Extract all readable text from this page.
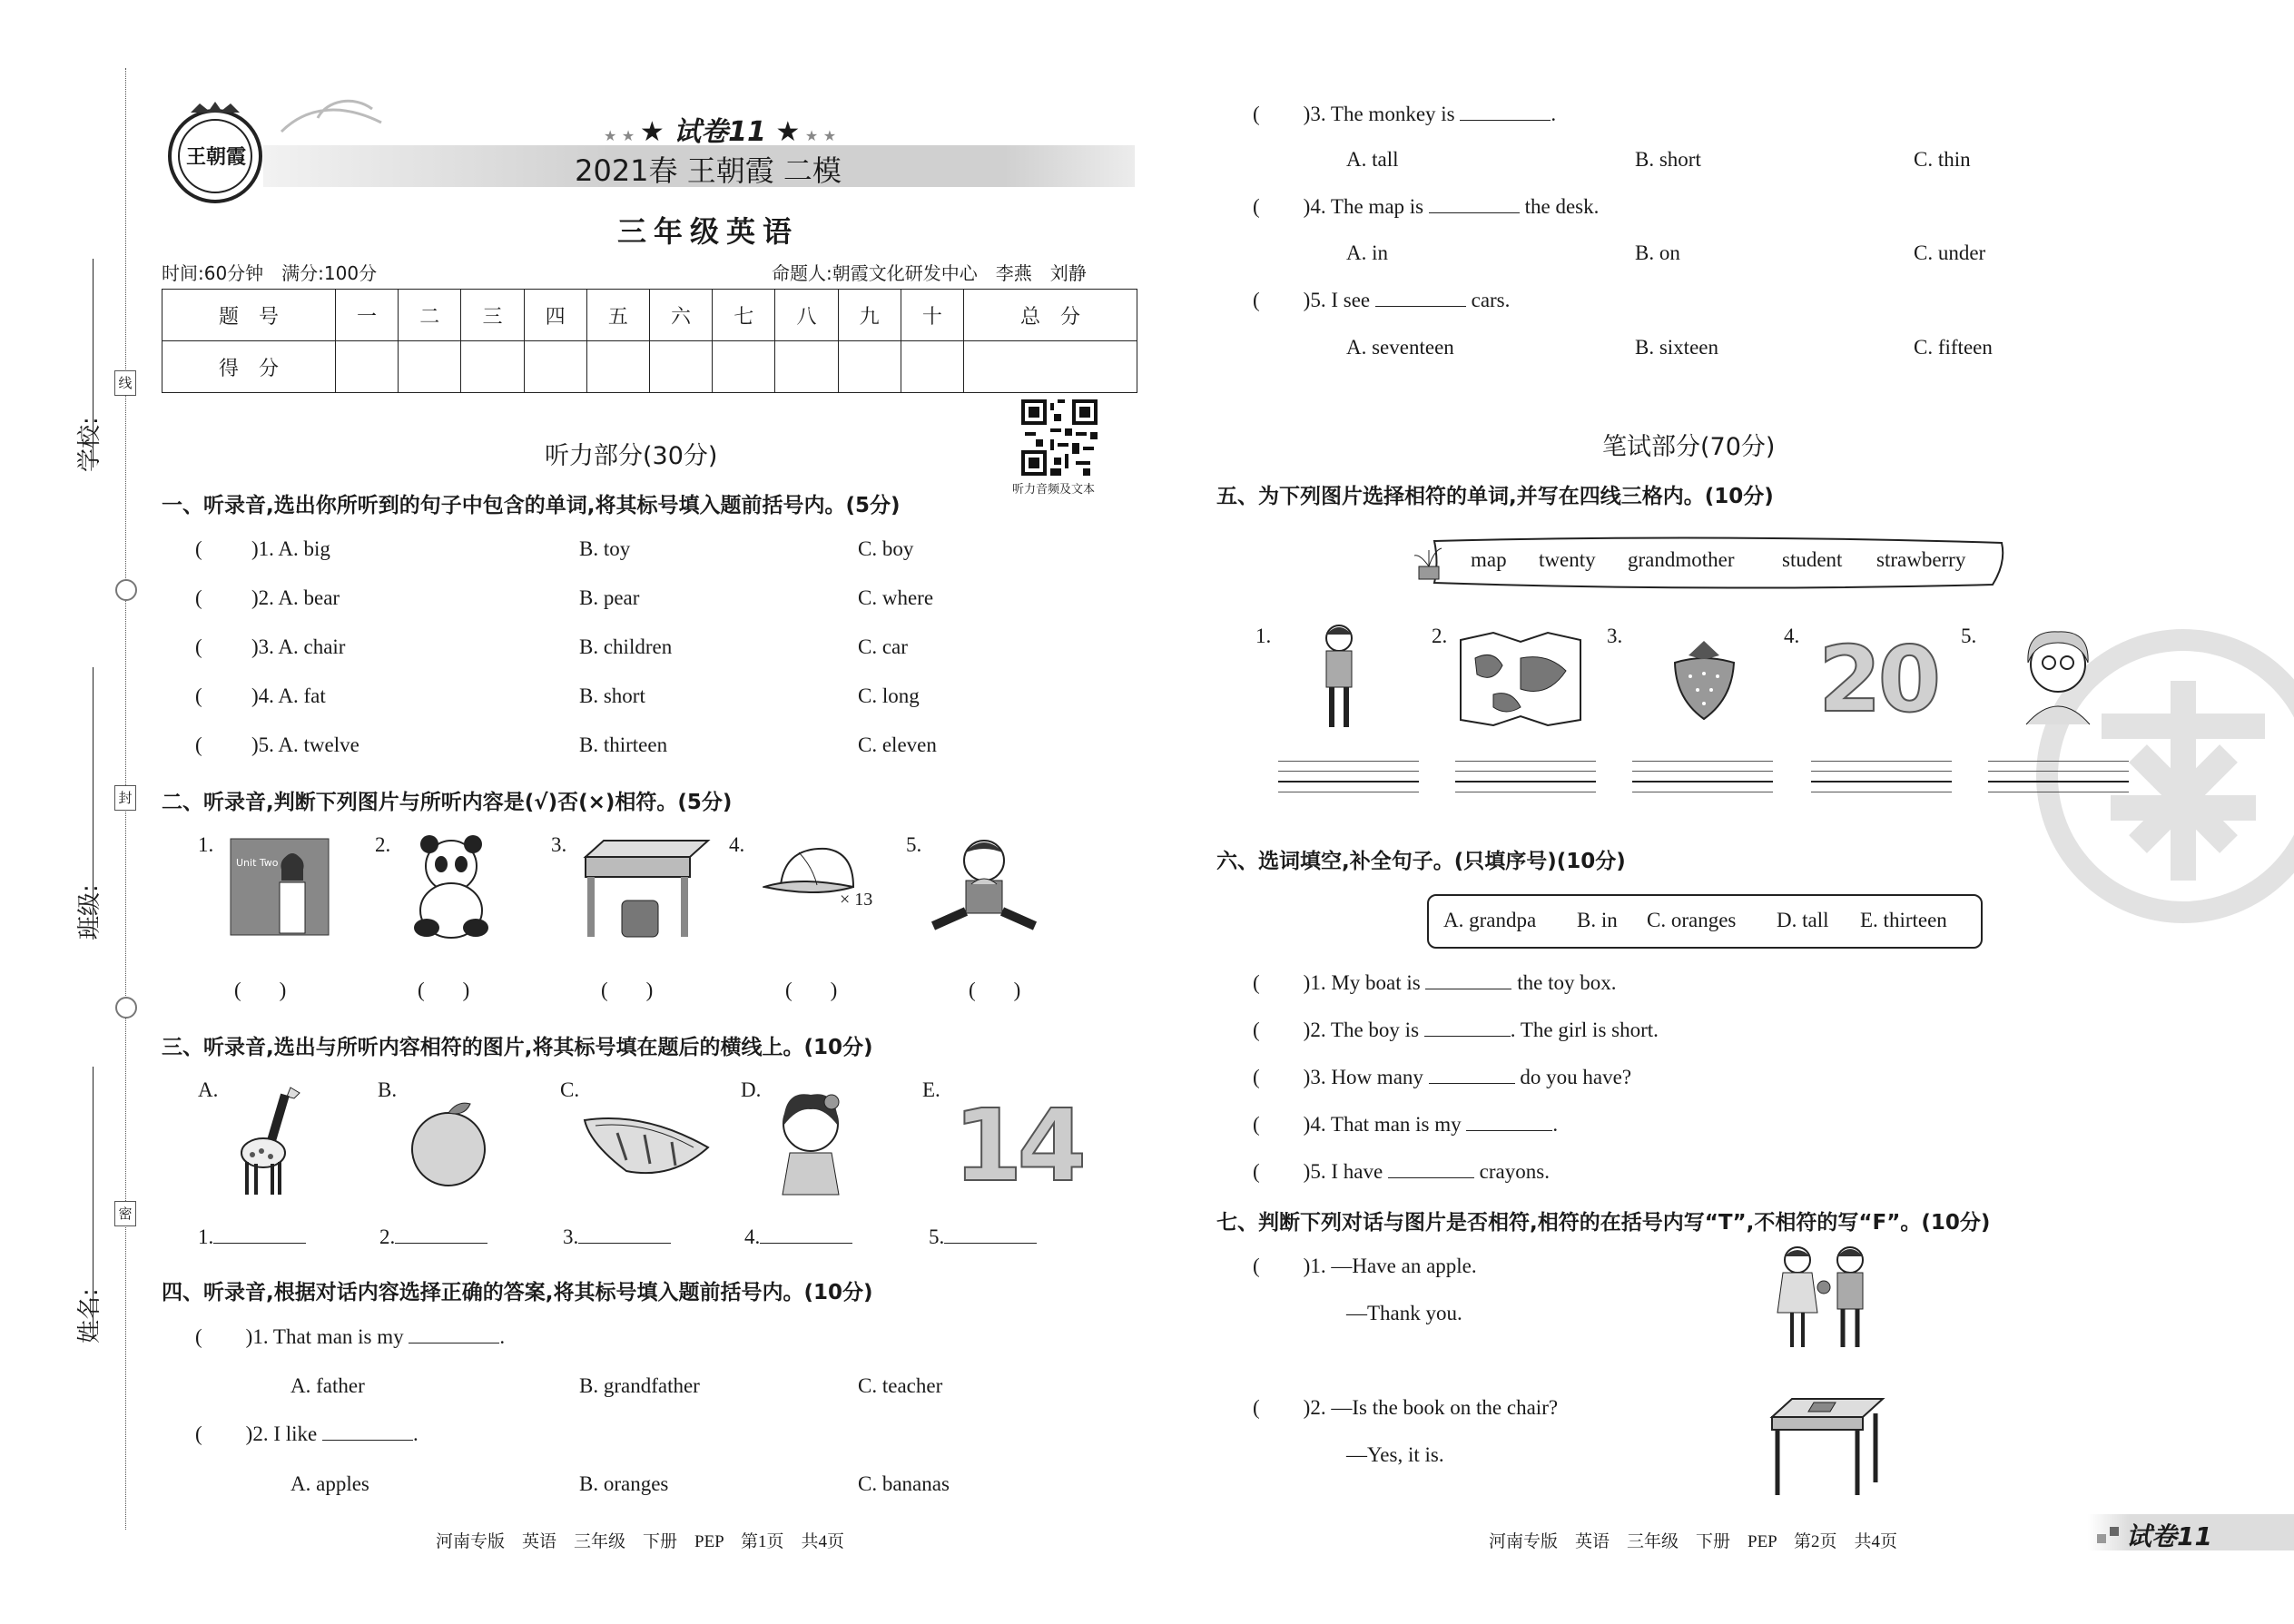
学校:
班级:
姓名:
线
封
密
王朝霞
★ ★ ★ 试卷11 ★ ★ ★
2021春 王朝霞 二模
三年级英语
时间:60分钟　满分:100分	命题人:朝霞文化研发中心　李燕　刘静
题　号	一	二	三	四	五	六	七	八	九	十	总　分
得　分											
听力音频及文本
听力部分(30分)
一、听录音,选出你所听到的句子中包含的单词,将其标号填入题前括号内。(5分)
(	)1. A. big	B. toy	C. boy
(	)2. A. bear	B. pear	C. where
(	)3. A. chair	B. children	C. car
(	)4. A. fat	B. short	C. long
(	)5. A. twelve	B. thirteen	C. eleven
二、听录音,判断下列图片与所听内容是(√)否(×)相符。(5分)
1.	2.	3.	4.	5.
Unit Two
× 13
( )	( )	( )	( )	( )
三、听录音,选出与所听内容相符的图片,将其标号填在题后的横线上。(10分)
A.	B.	C.	D.	E. 14
1.	2.	3.	4.	5.
四、听录音,根据对话内容选择正确的答案,将其标号填入题前括号内。(10分)
( )1. That man is my	.
A. father	B. grandfather	C. teacher
( )2. I like	.
A. apples	B. oranges	C. bananas
河南专版　英语　三年级　下册　PEP　第1页　共4页
( )3. The monkey is	.
A. tall	B. short	C. thin
( )4. The map is	the desk.
A. in	B. on	C. under
( )5. I see	cars.
A. seventeen	B. sixteen	C. fifteen
笔试部分(70分)
五、为下列图片选择相符的单词,并写在四线三格内。(10分)
map twenty grandmother student strawberry
1.	2.	3.	4.	5.
20
六、选词填空,补全句子。(只填序号)(10分)
A. grandpa B. in C. oranges D. tall E. thirteen
( )1. My boat is	the toy box.
( )2. The boy is	. The girl is short.
( )3. How many	do you have?
( )4. That man is my	.
( )5. I have	crayons.
七、判断下列对话与图片是否相符,相符的在括号内写“T”,不相符的写“F”。(10分)
( )1. —Have an apple.
—Thank you.
( )2. —Is the book on the chair?
—Yes, it is.
河南专版　英语　三年级　下册　PEP　第2页　共4页	试卷11
